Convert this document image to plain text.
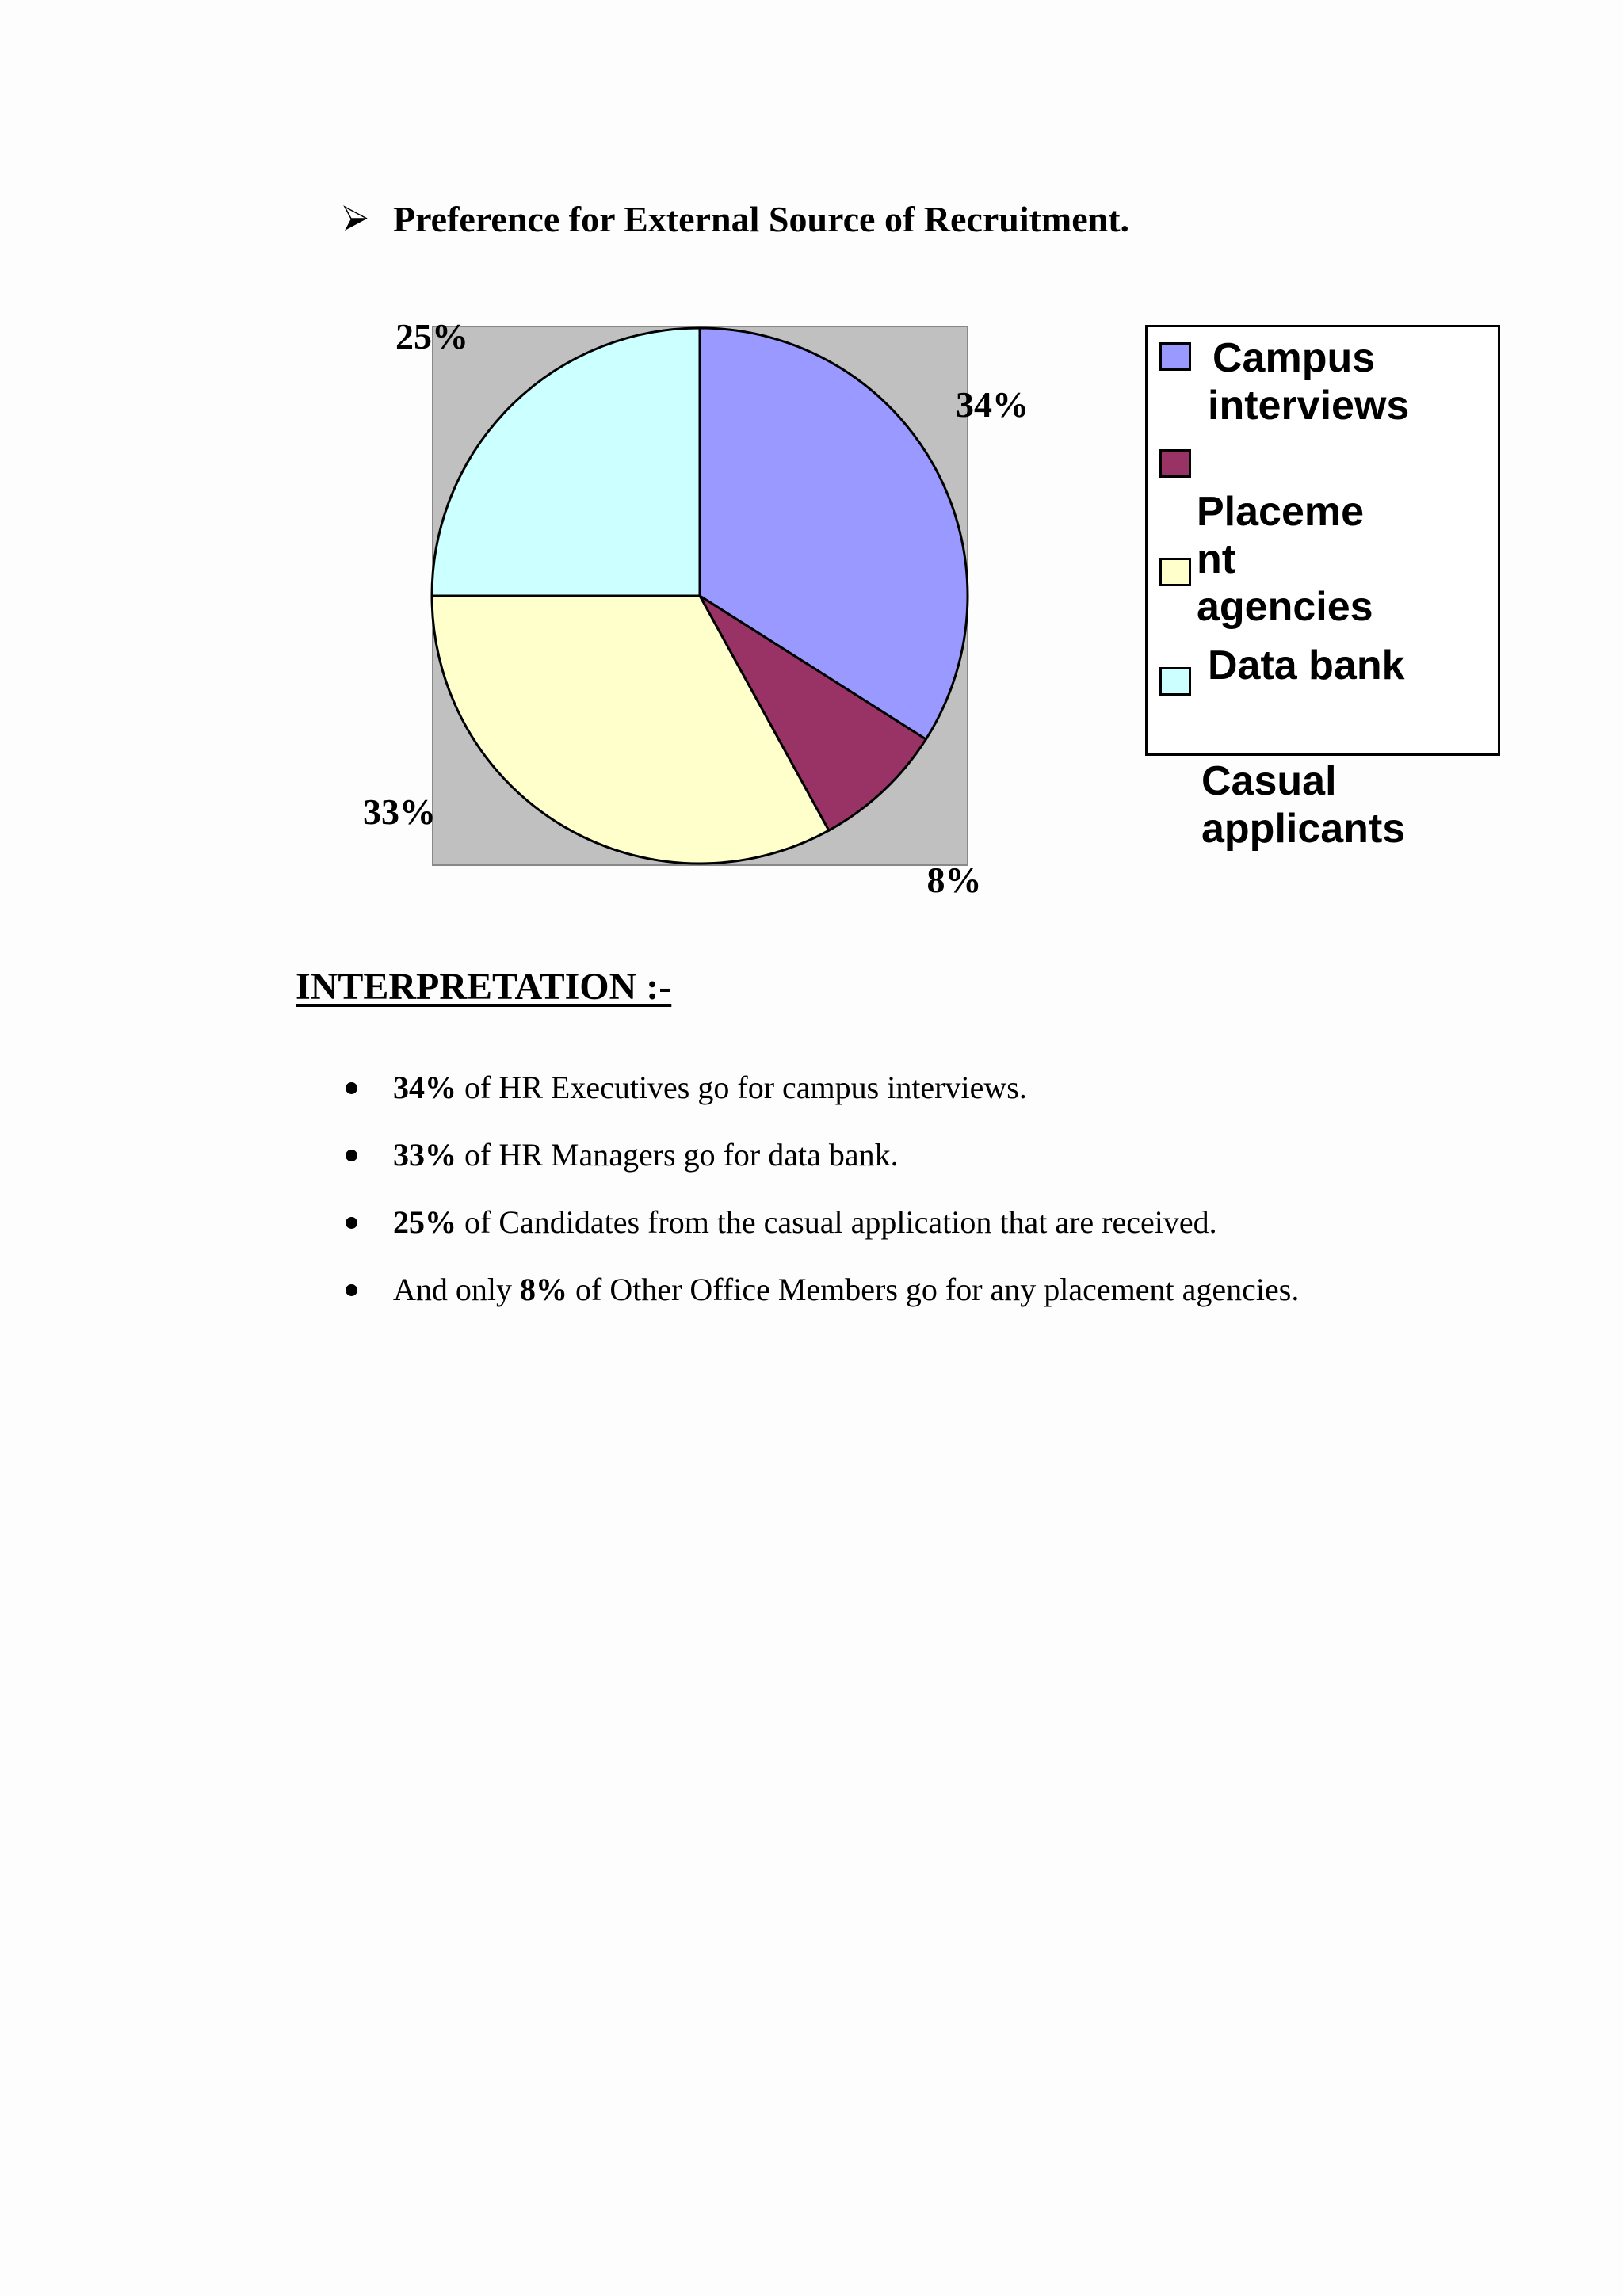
Preference for External Source of Recruitment.
34%
8%
33%
25%	Campus
interviews
Placeme
nt
agencies
Data bank
Casual
applicants
INTERPRETATION :-
34% of HR Executives go for campus interviews.
33% of HR Managers go for data bank.
25% of Candidates from the casual application that are received.
And only 8% of Other Office Members go for any placement agencies.
